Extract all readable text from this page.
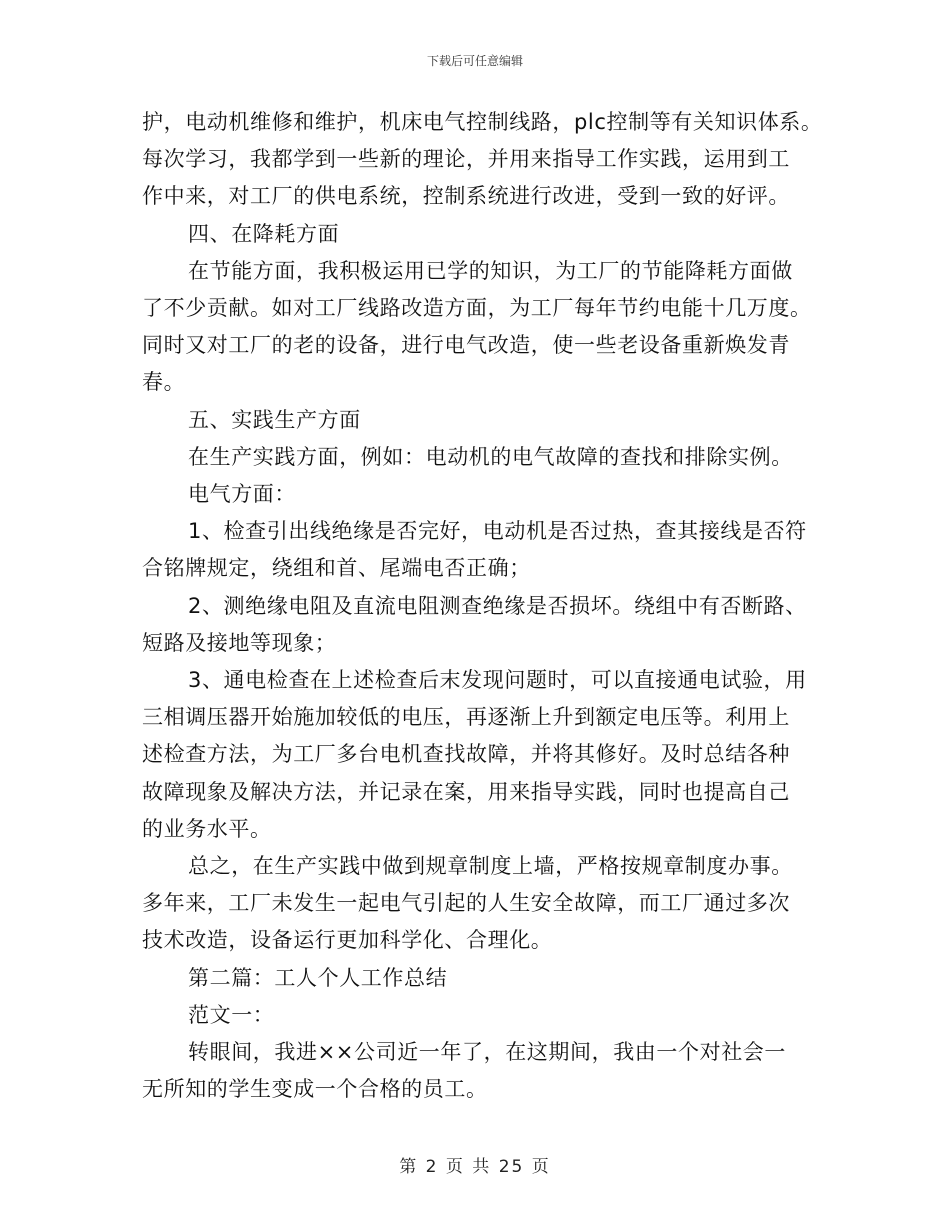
下载后可任意编辑
护，电动机维修和维护，机床电气控制线路，plc控制等有关知识体系。
每次学习，我都学到一些新的理论，并用来指导工作实践，运用到工
作中来，对工厂的供电系统，控制系统进行改进，受到一致的好评。
四、在降耗方面
在节能方面，我积极运用已学的知识，为工厂的节能降耗方面做
了不少贡献。如对工厂线路改造方面，为工厂每年节约电能十几万度。
同时又对工厂的老的设备，进行电气改造，使一些老设备重新焕发青
春。
五、实践生产方面
在生产实践方面，例如：电动机的电气故障的查找和排除实例。
电气方面：
1、检查引出线绝缘是否完好，电动机是否过热，查其接线是否符
合铭牌规定，绕组和首、尾端电否正确；
2、测绝缘电阻及直流电阻测查绝缘是否损坏。绕组中有否断路、
短路及接地等现象；
3、通电检查在上述检查后末发现问题时，可以直接通电试验，用
三相调压器开始施加较低的电压，再逐渐上升到额定电压等。利用上
述检查方法，为工厂多台电机查找故障，并将其修好。及时总结各种
故障现象及解决方法，并记录在案，用来指导实践，同时也提高自己
的业务水平。
总之，在生产实践中做到规章制度上墙，严格按规章制度办事。
多年来，工厂未发生一起电气引起的人生安全故障，而工厂通过多次
技术改造，设备运行更加科学化、合理化。
第二篇：工人个人工作总结
范文一：
转眼间，我进××公司近一年了，在这期间，我由一个对社会一
无所知的学生变成一个合格的员工。
第 2 页 共 25 页
